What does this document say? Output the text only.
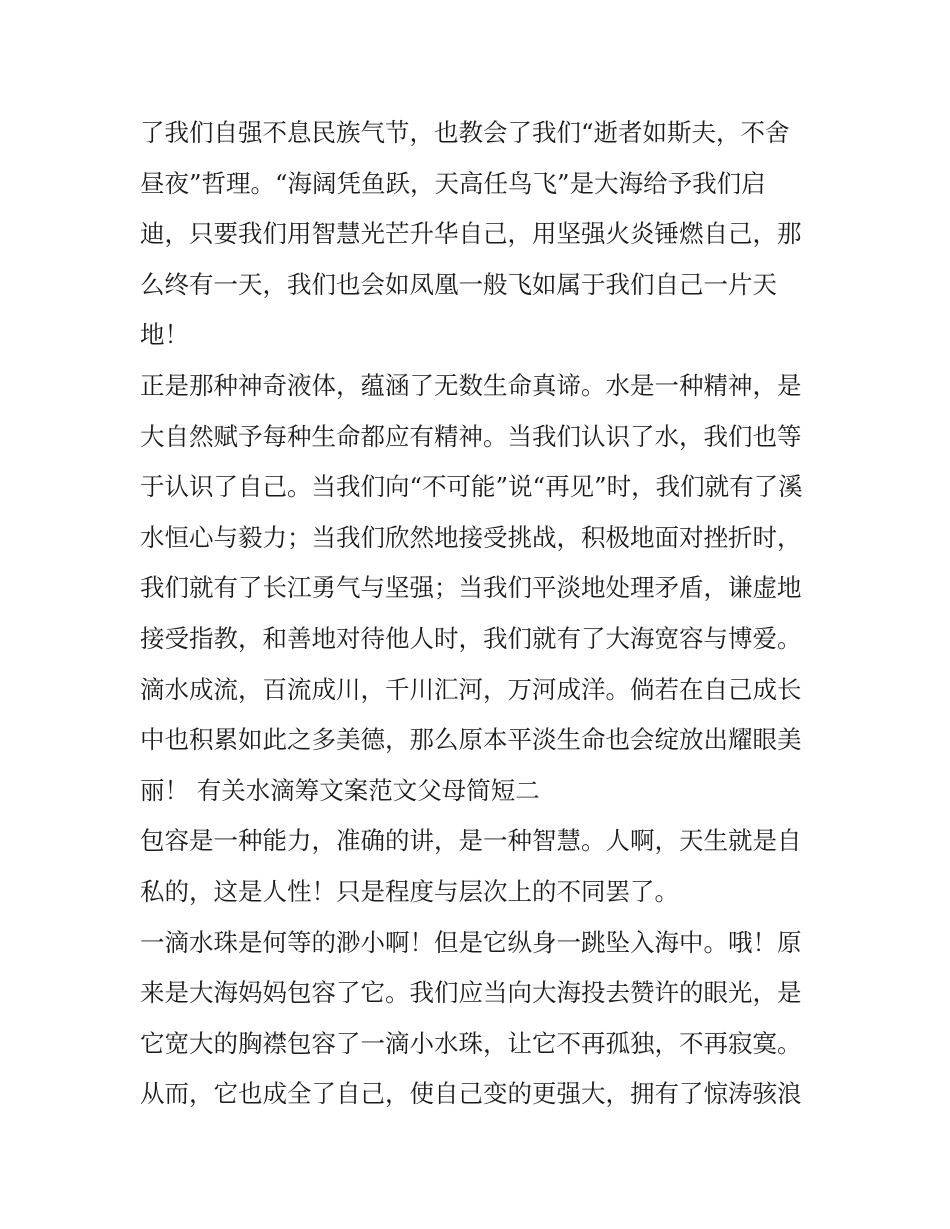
了我们自强不息民族气节，也教会了我们“逝者如斯夫，不舍
昼夜”哲理。“海阔凭鱼跃，天高任鸟飞”是大海给予我们启
迪，只要我们用智慧光芒升华自己，用坚强火炎锤燃自己，那
么终有一天，我们也会如凤凰一般飞如属于我们自己一片天
地！
正是那种神奇液体，蕴涵了无数生命真谛。水是一种精神，是
大自然赋予每种生命都应有精神。当我们认识了水，我们也等
于认识了自己。当我们向“不可能”说“再见”时，我们就有了溪
水恒心与毅力；当我们欣然地接受挑战，积极地面对挫折时，
我们就有了长江勇气与坚强；当我们平淡地处理矛盾，谦虚地
接受指教，和善地对待他人时，我们就有了大海宽容与博爱。
滴水成流，百流成川，千川汇河，万河成洋。倘若在自己成长
中也积累如此之多美德，那么原本平淡生命也会绽放出耀眼美
丽！ 有关水滴筹文案范文父母简短二
包容是一种能力，准确的讲，是一种智慧。人啊，天生就是自
私的，这是人性！只是程度与层次上的不同罢了。
一滴水珠是何等的渺小啊！但是它纵身一跳坠入海中。哦！原
来是大海妈妈包容了它。我们应当向大海投去赞许的眼光，是
它宽大的胸襟包容了一滴小水珠，让它不再孤独，不再寂寞。
从而，它也成全了自己，使自己变的更强大，拥有了惊涛骇浪
